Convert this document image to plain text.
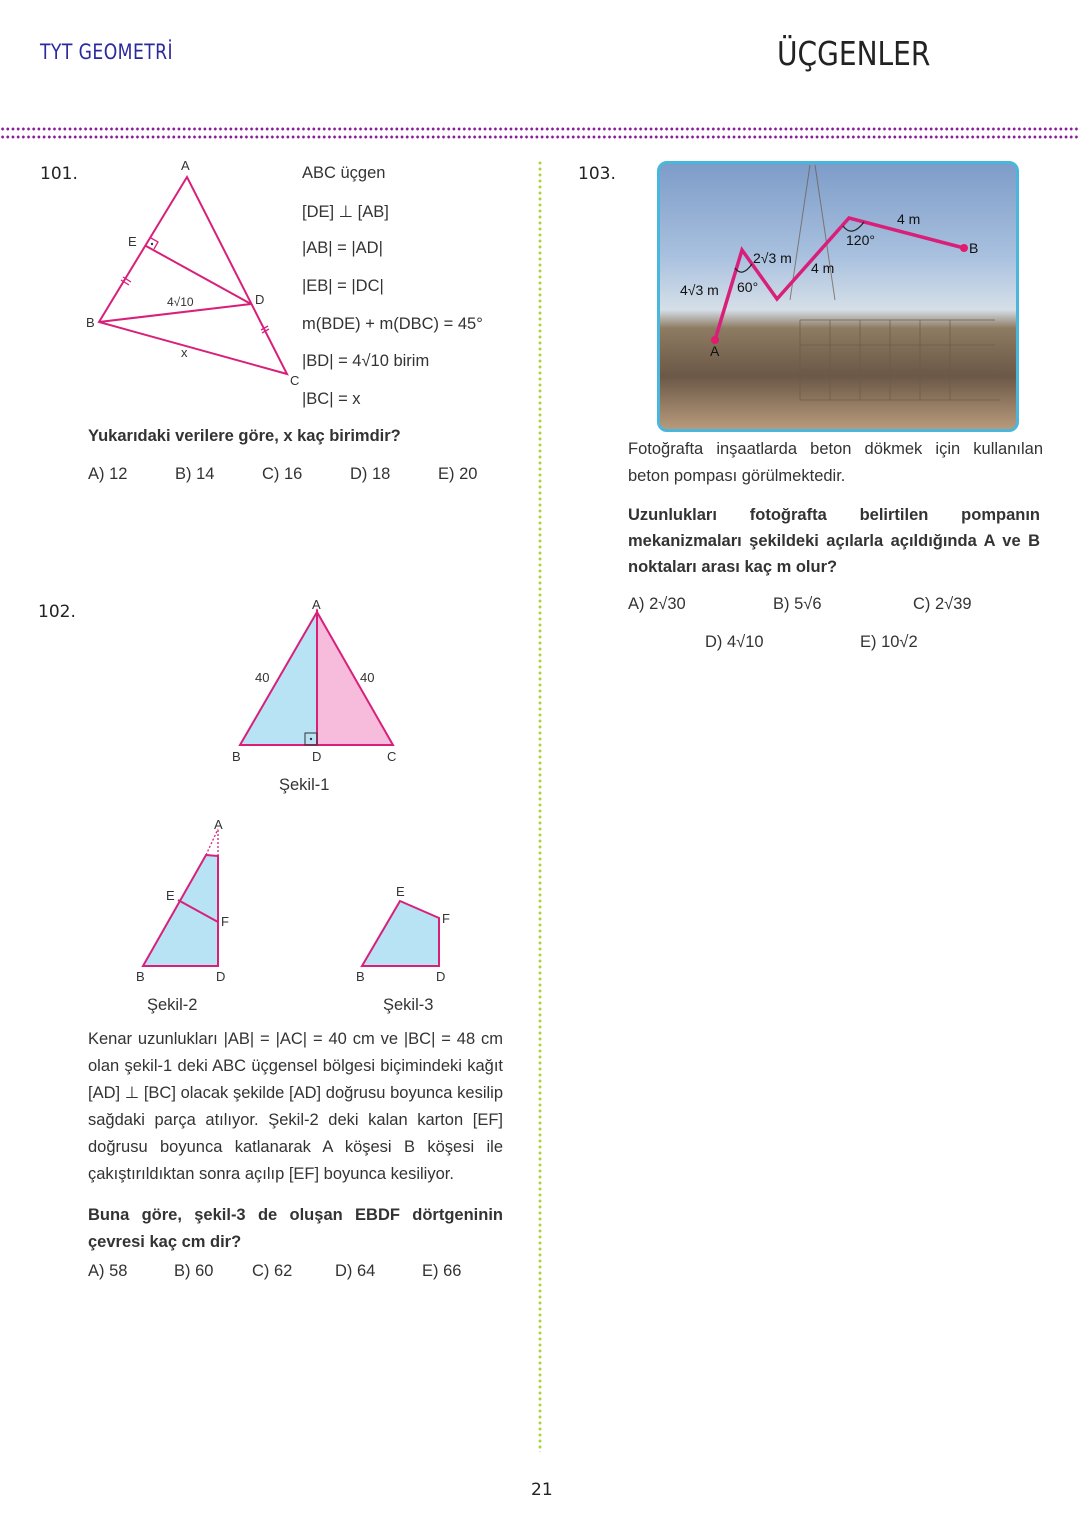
TYT GEOMETRİ	ÜÇGENLER
101.	A
E
B
D
C
4√10
x
ABC üçgen
[DE] ⊥ [AB]
|AB| = |AD|
|EB| = |DC|
m(BDE) + m(DBC) = 45°
|BD| = 4√10 birim
|BC| = x
Yukarıdaki verilere göre, x kaç birimdir?
A) 12	B) 14	C) 16	D) 18	E) 20
102.	A
40	40
B	D	C
Şekil-1
A
E
F
B	D
Şekil-2
E
F
B	D
Şekil-3
Kenar uzunlukları |AB| = |AC| = 40 cm ve |BC| = 48 cm olan şekil-1 deki ABC üçgensel bölgesi biçimindeki kağıt [AD] ⊥ [BC] olacak şekilde [AD] doğrusu boyunca kesilip sağdaki parça atılıyor. Şekil-2 deki kalan karton [EF] doğrusu boyunca katlanarak A köşesi B köşesi ile çakıştırıldıktan sonra açılıp [EF] boyunca kesiliyor.
Buna göre, şekil-3 de oluşan EBDF dörtgeninin çevresi kaç cm dir?
A) 58	B) 60 C) 62	D) 64	E) 66
103.
A
B
4√3 m
2√3 m
4 m
4 m
60°
120°
Fotoğrafta inşaatlarda beton dökmek için kullanılan beton pompası görülmektedir.
Uzunlukları fotoğrafta belirtilen pompanın mekanizmaları şekildeki açılarla açıldığında A ve B noktaları arası kaç m olur?
A) 2√30	B) 5√6	C) 2√39
D) 4√10	E) 10√2
21
